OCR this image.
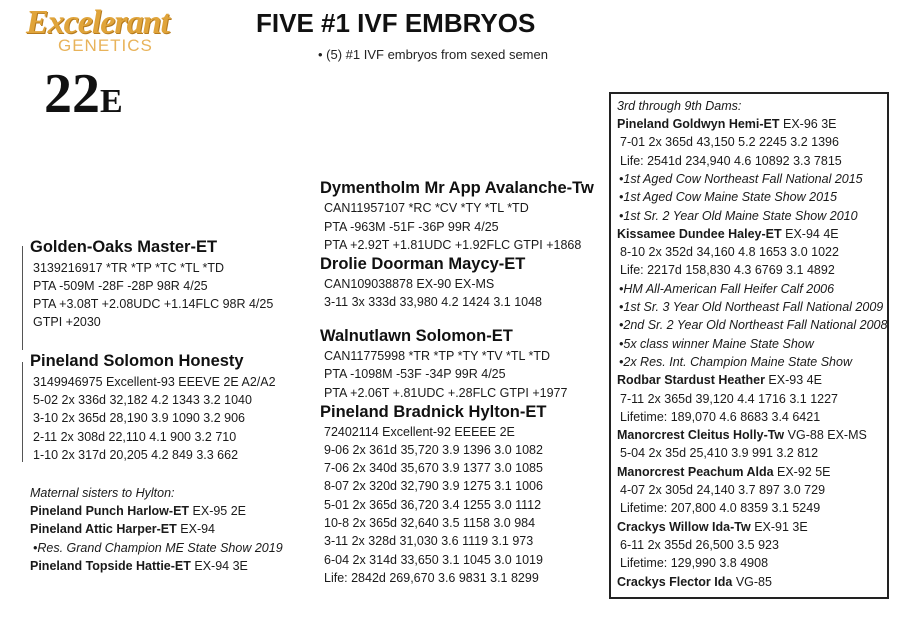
Excelerant
GENETICS
22E
FIVE #1 IVF EMBRYOS
• (5) #1 IVF embryos from sexed semen
Golden-Oaks Master-ET
3139216917 *TR *TP *TC *TL *TD
PTA -509M -28F -28P 98R 4/25
PTA +3.08T +2.08UDC +1.14FLC 98R 4/25
GTPI +2030
Pineland Solomon Honesty
3149946975 Excellent-93 EEEVE 2E A2/A2
5-02 2x 336d 32,182 4.2 1343 3.2 1040
3-10 2x 365d 28,190 3.9 1090 3.2 906
2-11 2x 308d 22,110 4.1 900 3.2 710
1-10 2x 317d 20,205 4.2 849 3.3 662
Maternal sisters to Hylton:
Pineland Punch Harlow-ET EX-95 2E
Pineland Attic Harper-ET EX-94
•Res. Grand Champion ME State Show 2019
Pineland Topside Hattie-ET EX-94 3E
Dymentholm Mr App Avalanche-Tw
CAN11957107 *RC *CV *TY *TL *TD
PTA -963M -51F -36P 99R 4/25
PTA +2.92T +1.81UDC +1.92FLC GTPI +1868
Drolie Doorman Maycy-ET
CAN109038878 EX-90 EX-MS
3-11 3x 333d 33,980 4.2 1424 3.1 1048
Walnutlawn Solomon-ET
CAN11775998 *TR *TP *TY *TV *TL *TD
PTA -1098M -53F -34P 99R 4/25
PTA +2.06T +.81UDC +.28FLC GTPI +1977
Pineland Bradnick Hylton-ET
72402114 Excellent-92 EEEEE 2E
9-06 2x 361d 35,720 3.9 1396 3.0 1082
7-06 2x 340d 35,670 3.9 1377 3.0 1085
8-07 2x 320d 32,790 3.9 1275 3.1 1006
5-01 2x 365d 36,720 3.4 1255 3.0 1112
10-8 2x 365d 32,640 3.5 1158 3.0 984
3-11 2x 328d 31,030 3.6 1119 3.1 973
6-04 2x 314d 33,650 3.1 1045 3.0 1019
Life: 2842d 269,670 3.6 9831 3.1 8299
3rd through 9th Dams:
Pineland Goldwyn Hemi-ET EX-96 3E
7-01 2x 365d 43,150 5.2 2245 3.2 1396
Life: 2541d 234,940 4.6 10892 3.3 7815
•1st Aged Cow Northeast Fall National 2015
•1st Aged Cow Maine State Show 2015
•1st Sr. 2 Year Old Maine State Show 2010
Kissamee Dundee Haley-ET EX-94 4E
8-10 2x 352d 34,160 4.8 1653 3.0 1022
Life: 2217d 158,830 4.3 6769 3.1 4892
•HM All-American Fall Heifer Calf 2006
•1st Sr. 3 Year Old Northeast Fall National 2009
•2nd Sr. 2 Year Old Northeast Fall National 2008
•5x class winner Maine State Show
•2x Res. Int. Champion Maine State Show
Rodbar Stardust Heather EX-93 4E
7-11 2x 365d 39,120 4.4 1716 3.1 1227
Lifetime: 189,070 4.6 8683 3.4 6421
Manorcrest Cleitus Holly-Tw VG-88 EX-MS
5-04 2x 35d 25,410 3.9 991 3.2 812
Manorcrest Peachum Alda EX-92 5E
4-07 2x 305d 24,140 3.7 897 3.0 729
Lifetime: 207,800 4.0 8359 3.1 5249
Crackys Willow Ida-Tw EX-91 3E
6-11 2x 355d 26,500 3.5 923
Lifetime: 129,990 3.8 4908
Crackys Flector Ida VG-85
